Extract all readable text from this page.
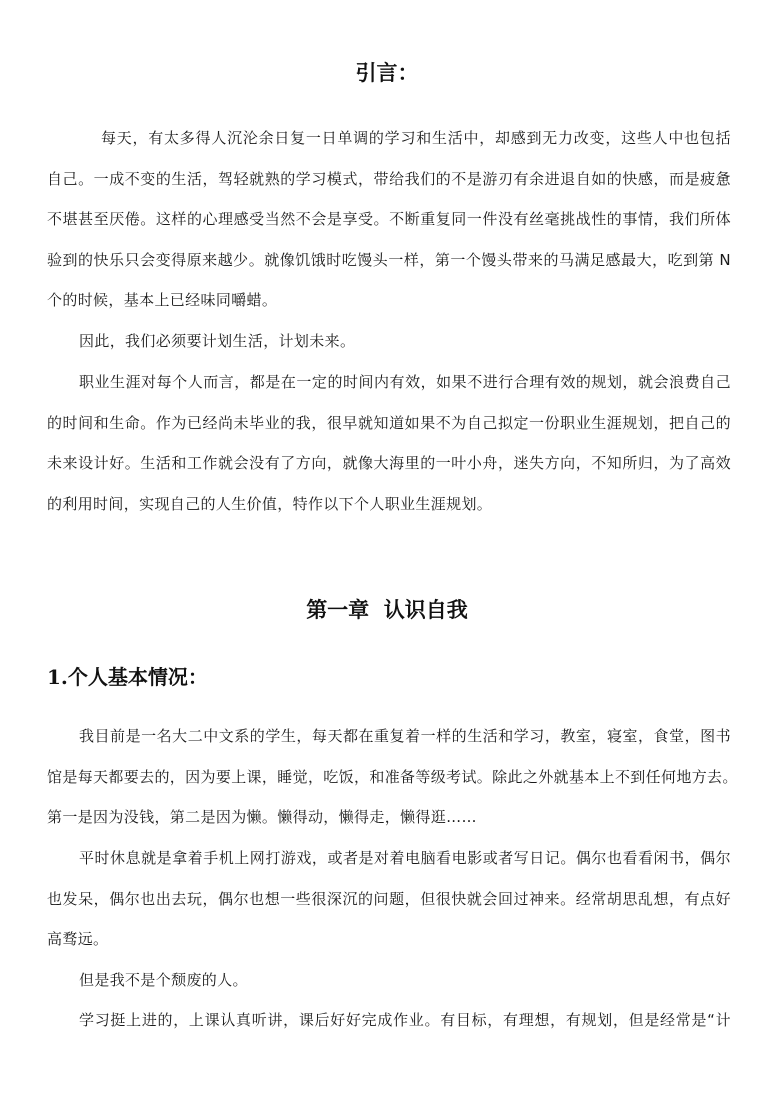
引言：
每天，有太多得人沉沦余日复一日单调的学习和生活中，却感到无力改变，这些人中也包括
自己。一成不变的生活，驾轻就熟的学习模式，带给我们的不是游刃有余进退自如的快感，而是疲惫
不堪甚至厌倦。这样的心理感受当然不会是享受。不断重复同一件没有丝毫挑战性的事情，我们所体
验到的快乐只会变得原来越少。就像饥饿时吃馒头一样，第一个馒头带来的马满足感最大，吃到第 N
个的时候，基本上已经味同嚼蜡。
因此，我们必须要计划生活，计划未来。
职业生涯对每个人而言，都是在一定的时间内有效，如果不进行合理有效的规划，就会浪费自己
的时间和生命。作为已经尚未毕业的我，很早就知道如果不为自己拟定一份职业生涯规划，把自己的
未来设计好。生活和工作就会没有了方向，就像大海里的一叶小舟，迷失方向，不知所归，为了高效
的利用时间，实现自己的人生价值，特作以下个人职业生涯规划。
第一章  认识自我
1.个人基本情况：
我目前是一名大二中文系的学生，每天都在重复着一样的生活和学习，教室，寝室，食堂，图书
馆是每天都要去的，因为要上课，睡觉，吃饭，和准备等级考试。除此之外就基本上不到任何地方去。
第一是因为没钱，第二是因为懒。懒得动，懒得走，懒得逛……
平时休息就是拿着手机上网打游戏，或者是对着电脑看电影或者写日记。偶尔也看看闲书，偶尔
也发呆，偶尔也出去玩，偶尔也想一些很深沉的问题，但很快就会回过神来。经常胡思乱想，有点好
高骛远。
但是我不是个颓废的人。
学习挺上进的，上课认真听讲，课后好好完成作业。有目标，有理想，有规划，但是经常是“计
